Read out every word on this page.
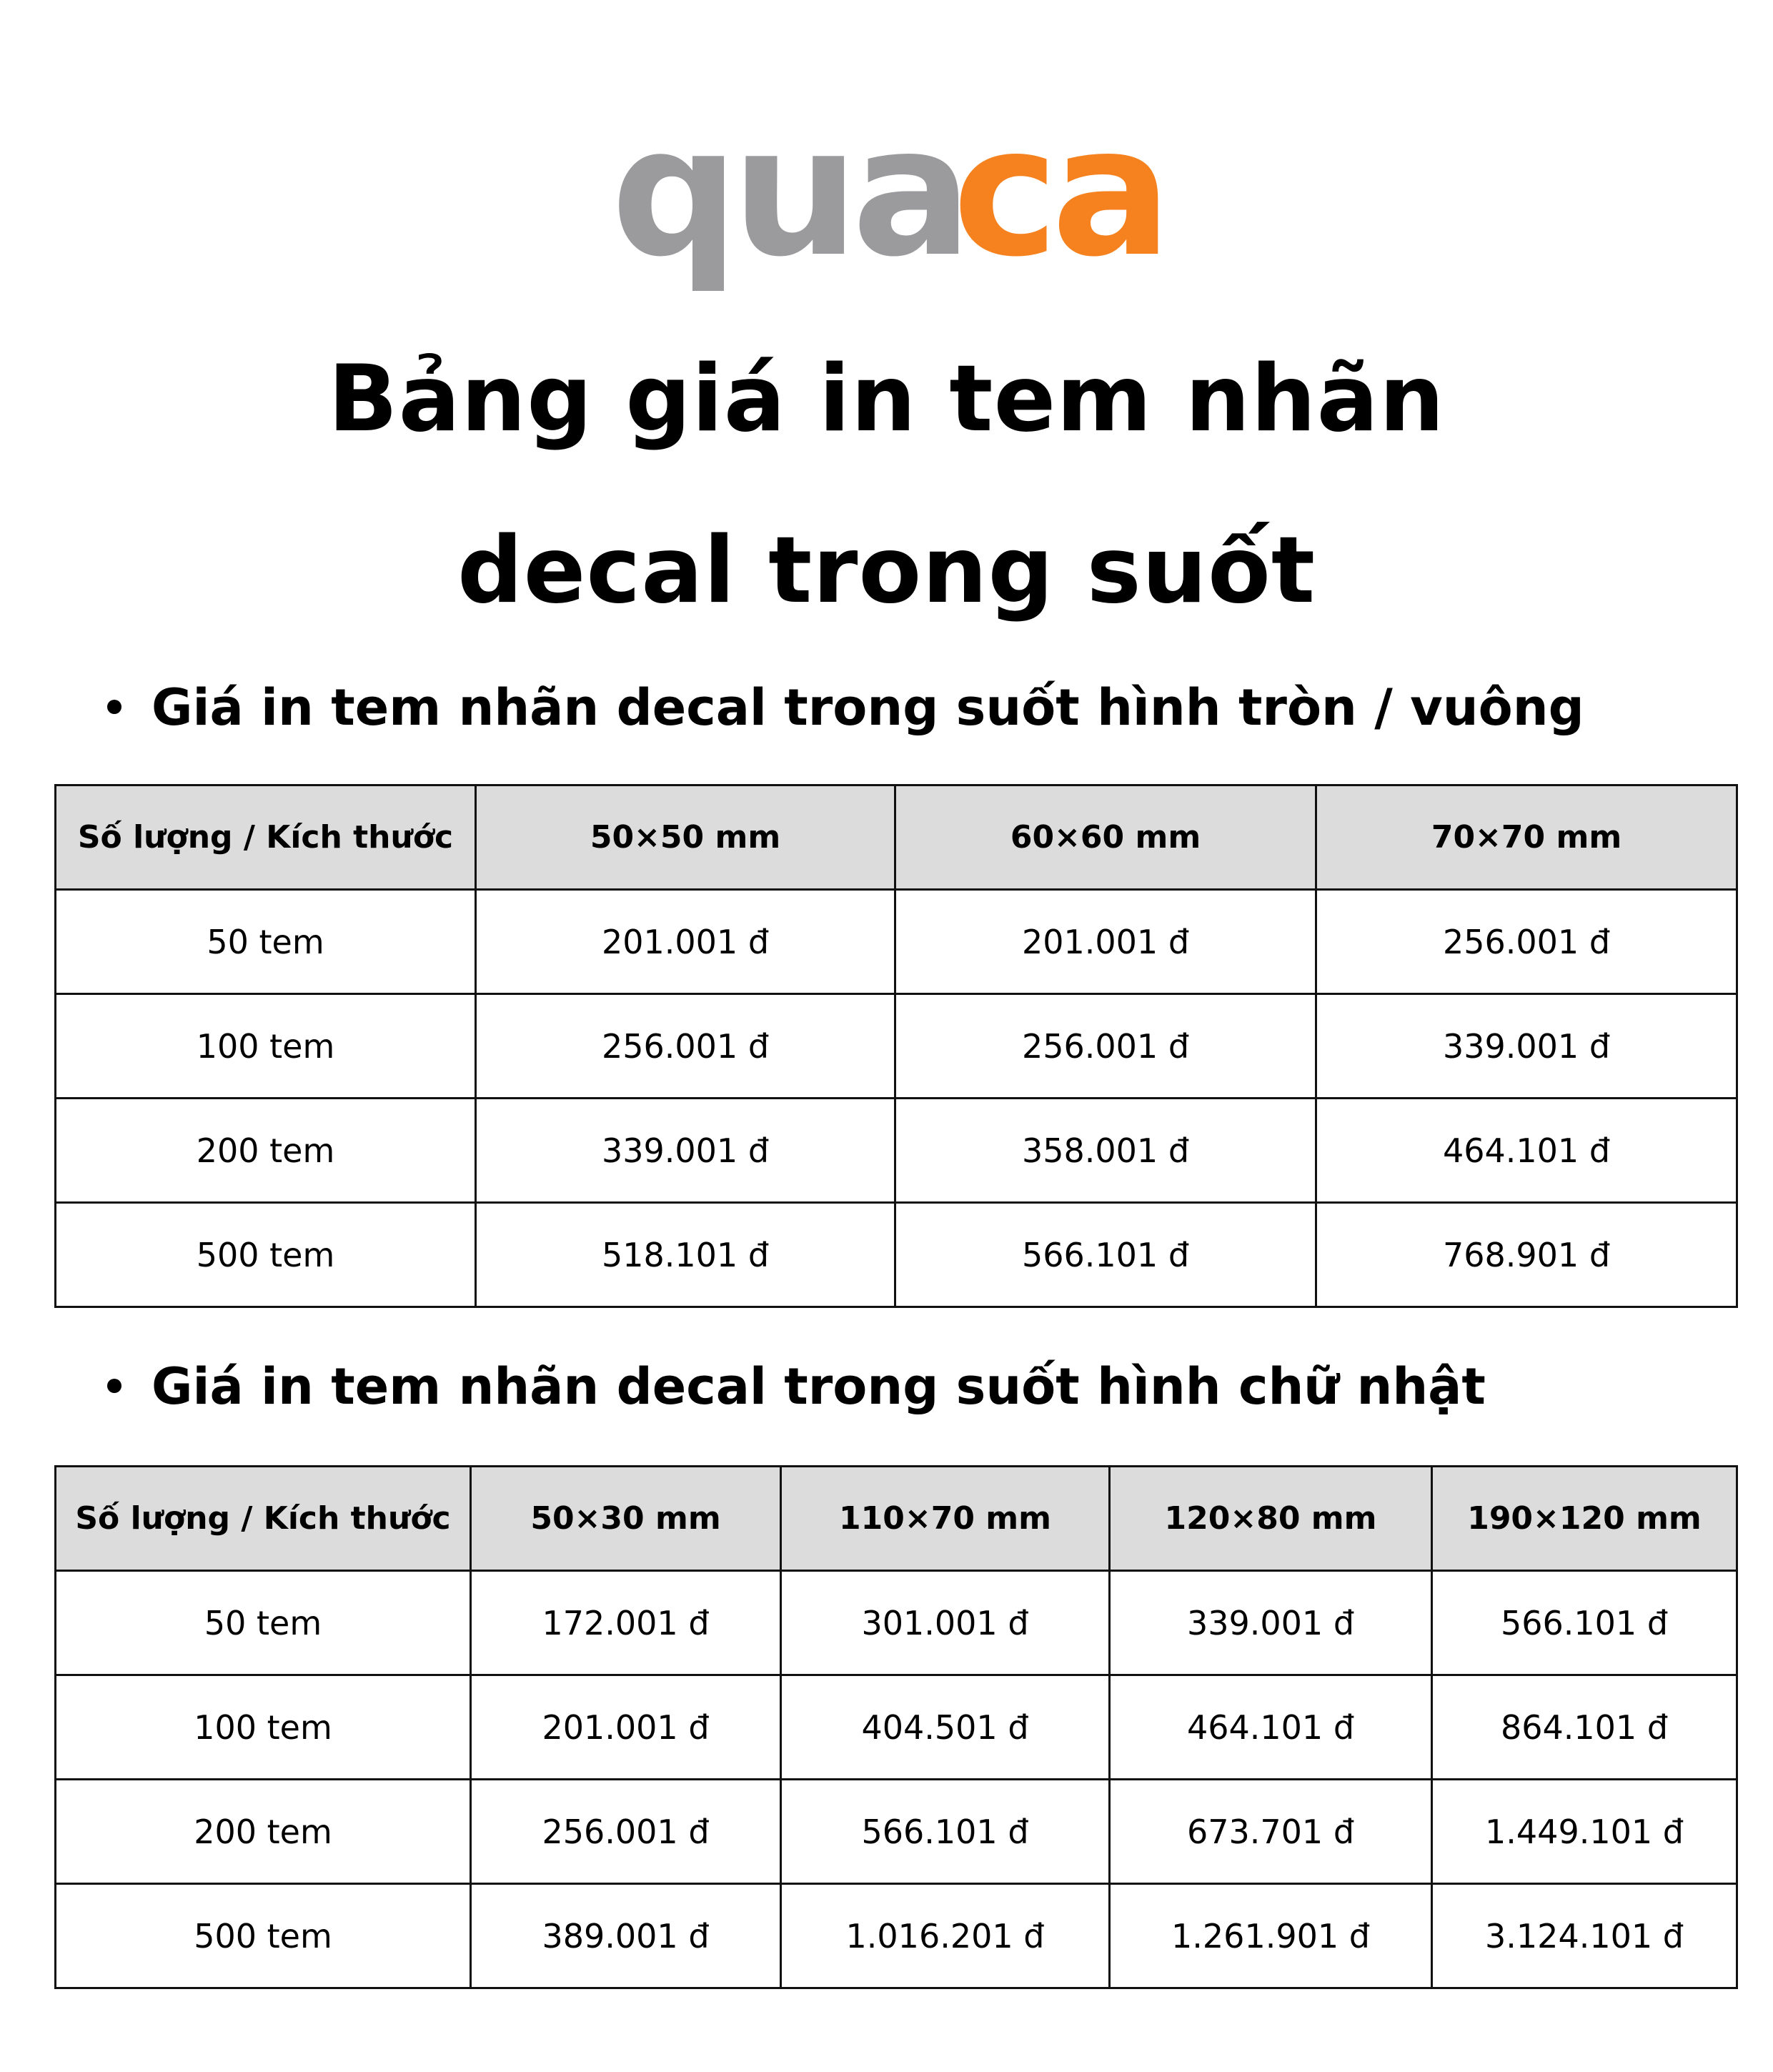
qua
ca
Bảng giá in tem nhãn
decal trong suốt
Giá in tem nhãn decal trong suốt hình tròn / vuông
Số lượng / Kích thước	50×50 mm	60×60 mm	70×70 mm
50 tem	201.001 đ	201.001 đ	256.001 đ
100 tem	256.001 đ	256.001 đ	339.001 đ
200 tem	339.001 đ	358.001 đ	464.101 đ
500 tem	518.101 đ	566.101 đ	768.901 đ
Giá in tem nhãn decal trong suốt hình chữ nhật
Số lượng / Kích thước	50×30 mm	110×70 mm	120×80 mm	190×120 mm
50 tem	172.001 đ	301.001 đ	339.001 đ	566.101 đ
100 tem	201.001 đ	404.501 đ	464.101 đ	864.101 đ
200 tem	256.001 đ	566.101 đ	673.701 đ	1.449.101 đ
500 tem	389.001 đ	1.016.201 đ	1.261.901 đ	3.124.101 đ
